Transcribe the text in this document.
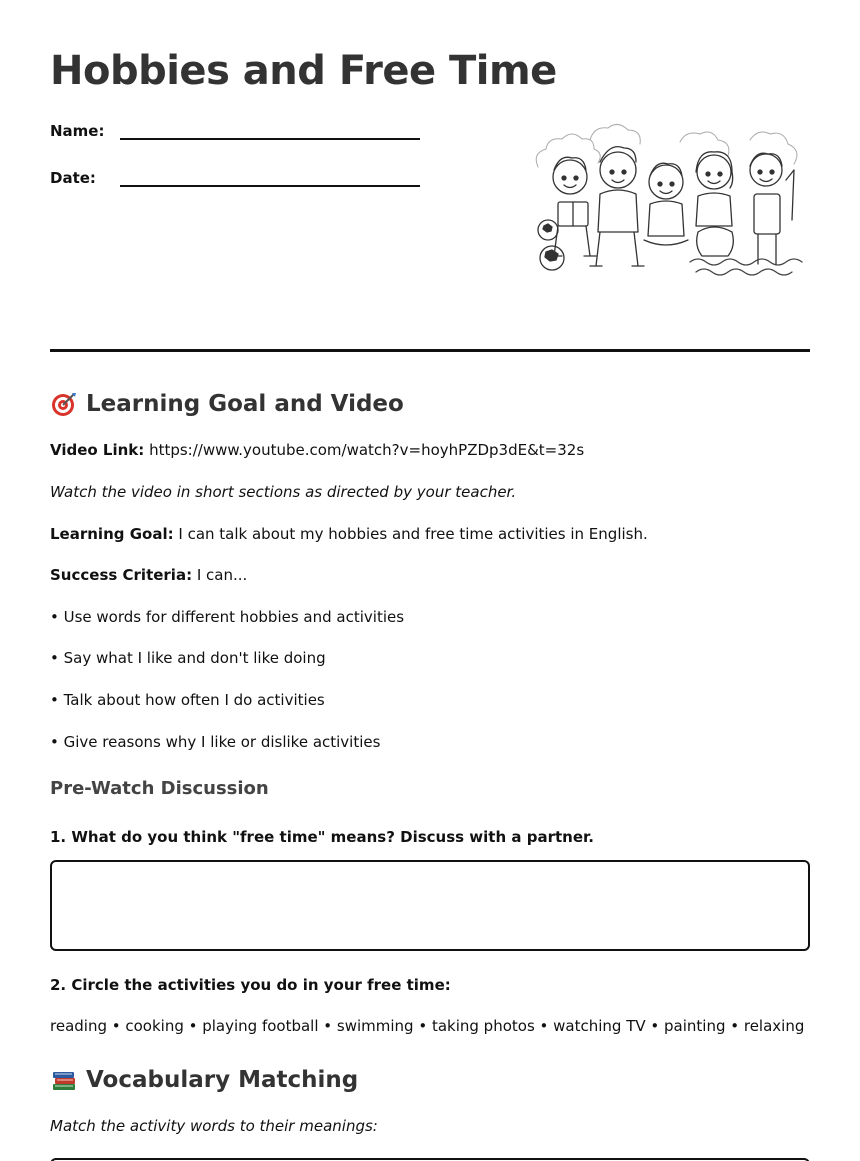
Hobbies and Free Time
Name:
Date:
Learning Goal and Video
Video Link: https://www.youtube.com/watch?v=hoyhPZDp3dE&t=32s
Watch the video in short sections as directed by your teacher.
Learning Goal: I can talk about my hobbies and free time activities in English.
Success Criteria: I can...
• Use words for different hobbies and activities
• Say what I like and don't like doing
• Talk about how often I do activities
• Give reasons why I like or dislike activities
Pre-Watch Discussion
1. What do you think "free time" means? Discuss with a partner.
2. Circle the activities you do in your free time:
reading • cooking • playing football • swimming • taking photos • watching TV • painting • relaxing
Vocabulary Matching
Match the activity words to their meanings:
